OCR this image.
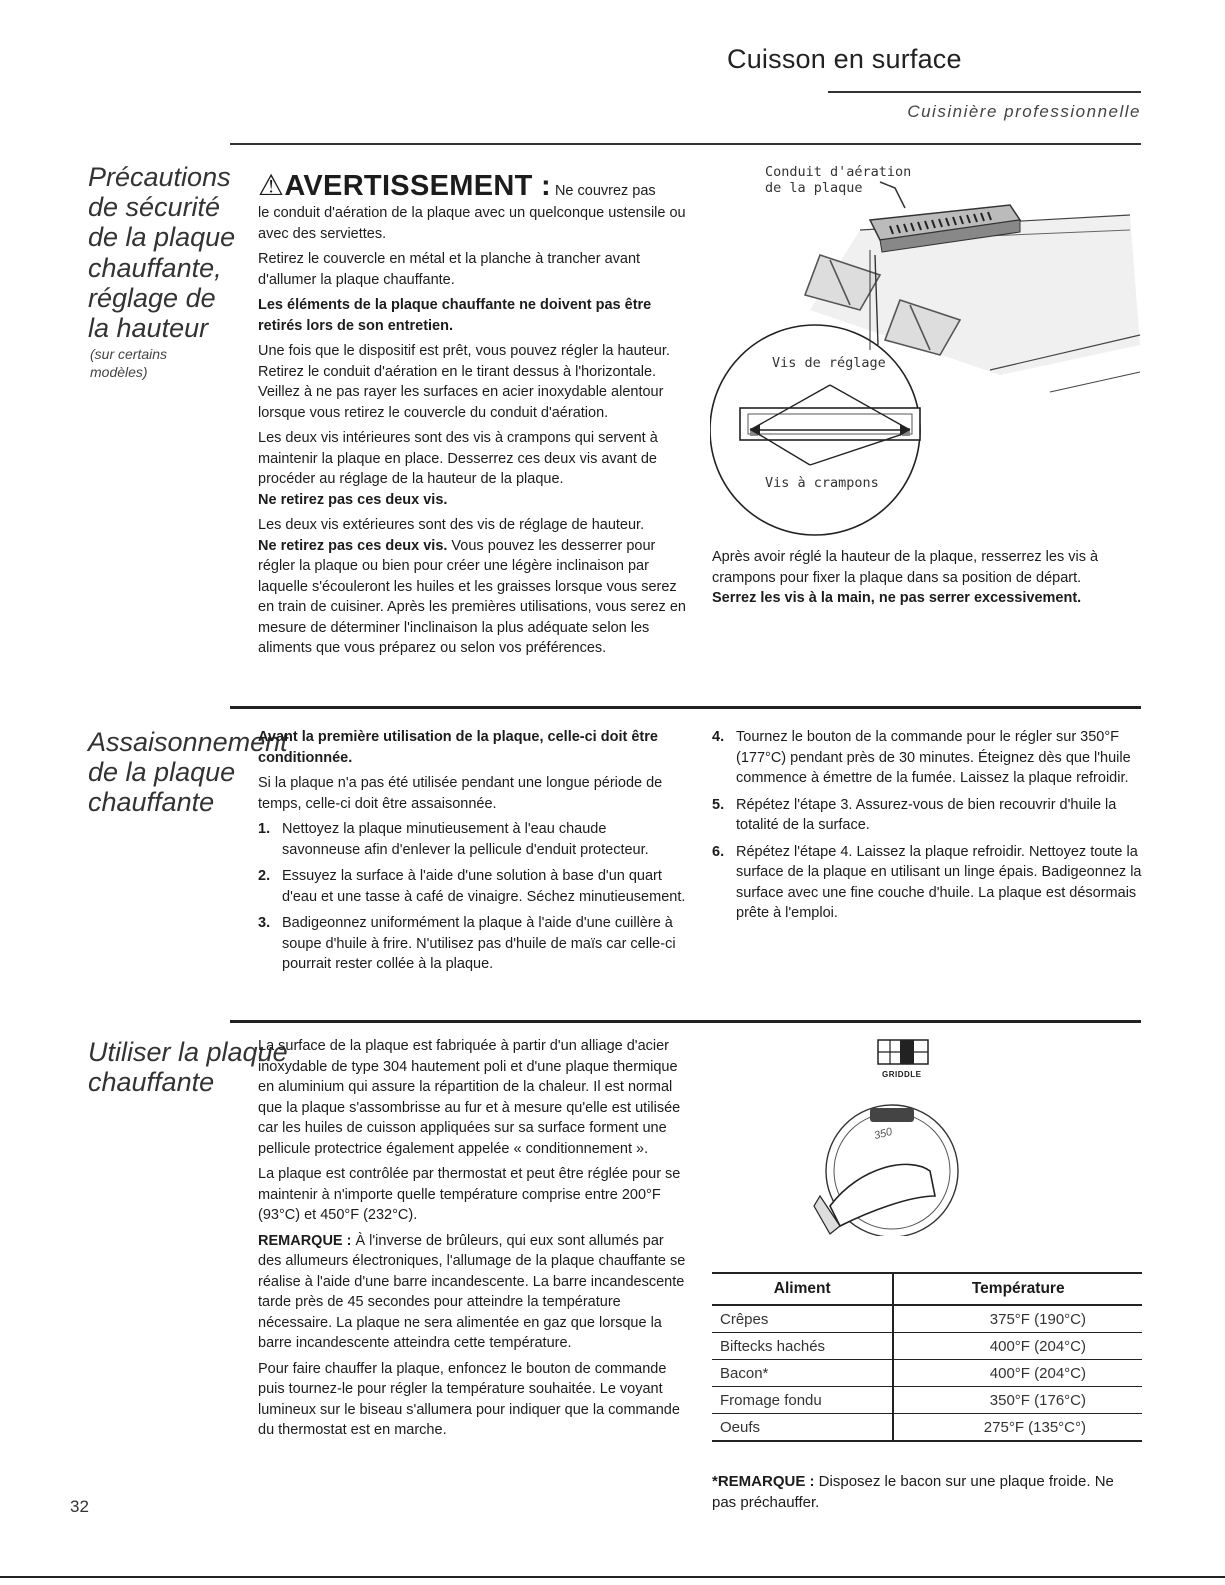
Cuisson en surface
Cuisinière professionnelle
Précautions
de sécurité
de la plaque
chauffante,
réglage de
la hauteur
(sur certains
modèles)
⚠AVERTISSEMENT : Ne couvrez pas

le conduit d'aération de la plaque avec un quelconque ustensile ou avec des serviettes.

Retirez le couvercle en métal et la planche à trancher avant d'allumer la plaque chauffante.

Les éléments de la plaque chauffante ne doivent pas être retirés lors de son entretien.

Une fois que le dispositif est prêt, vous pouvez régler la hauteur. Retirez le conduit d'aération en le tirant dessus à l'horizontale. Veillez à ne pas rayer les surfaces en acier inoxydable alentour lorsque vous retirez le couvercle du conduit d'aération.

Les deux vis intérieures sont des vis à crampons qui servent à maintenir la plaque en place. Desserrez ces deux vis avant de procéder au réglage de la hauteur de la plaque.

Ne retirez pas ces deux vis.

Les deux vis extérieures sont des vis de réglage de hauteur.

Ne retirez pas ces deux vis. Vous pouvez les desserrer pour régler la plaque ou bien pour créer une légère inclinaison par laquelle s'écouleront les huiles et les graisses lorsque vous serez en train de cuisiner. Après les premières utilisations, vous serez en mesure de déterminer l'inclinaison la plus adéquate selon les aliments que vous préparez ou selon vos préférences.

Conduit d'aération
de la plaque
Vis de réglage
Vis à crampons

Après avoir réglé la hauteur de la plaque, resserrez les vis à crampons pour fixer la plaque dans sa position de départ.

Serrez les vis à la main, ne pas serrer excessivement.

Assaisonnement
de la plaque
chauffante

Avant la première utilisation de la plaque, celle-ci doit être conditionnée.

Si la plaque n'a pas été utilisée pendant une longue période de temps, celle-ci doit être assaisonnée.

1. Nettoyez la plaque minutieusement à l'eau chaude savonneuse afin d'enlever la pellicule d'enduit protecteur.
2. Essuyez la surface à l'aide d'une solution à base d'un quart d'eau et une tasse à café de vinaigre. Séchez minutieusement.
3. Badigeonnez uniformément la plaque à l'aide d'une cuillère à soupe d'huile à frire. N'utilisez pas d'huile de maïs car celle-ci pourrait rester collée à la plaque.
4. Tournez le bouton de la commande pour le régler sur 350°F (177°C) pendant près de 30 minutes. Éteignez dès que l'huile commence à émettre de la fumée. Laissez la plaque refroidir.
5. Répétez l'étape 3. Assurez-vous de bien recouvrir d'huile la totalité de la surface.
6. Répétez l'étape 4. Laissez la plaque refroidir. Nettoyez toute la surface de la plaque en utilisant un linge épais. Badigeonnez la surface avec une fine couche d'huile. La plaque est désormais prête à l'emploi.
Utiliser la plaque
chauffante

La surface de la plaque est fabriquée à partir d'un alliage d'acier inoxydable de type 304 hautement poli et d'une plaque thermique en aluminium qui assure la répartition de la chaleur. Il est normal que la plaque s'assombrisse au fur et à mesure qu'elle est utilisée car les huiles de cuisson appliquées sur sa surface forment une pellicule protectrice également appelée « conditionnement ».

La plaque est contrôlée par thermostat et peut être réglée pour se maintenir à n'importe quelle température comprise entre 200°F (93°C) et 450°F (232°C).

REMARQUE : À l'inverse de brûleurs, qui eux sont allumés par des allumeurs électroniques, l'allumage de la plaque chauffante se réalise à l'aide d'une barre incandescente. La barre incandescente tarde près de 45 secondes pour atteindre la température nécessaire. La plaque ne sera alimentée en gaz que lorsque la barre incandescente atteindra cette température.

Pour faire chauffer la plaque, enfoncez le bouton de commande puis tournez-le pour régler la température souhaitée. Le voyant lumineux sur le biseau s'allumera pour indiquer que la commande du thermostat est en marche.

GRIDDLE
350
Aliment	Température
Crêpes	375°F (190°C)
Biftecks hachés	400°F (204°C)
Bacon*	400°F (204°C)
Fromage fondu	350°F (176°C)
Oeufs	275°F (135°C°)
*REMARQUE : Disposez le bacon sur une plaque froide. Ne pas préchauffer.
32
